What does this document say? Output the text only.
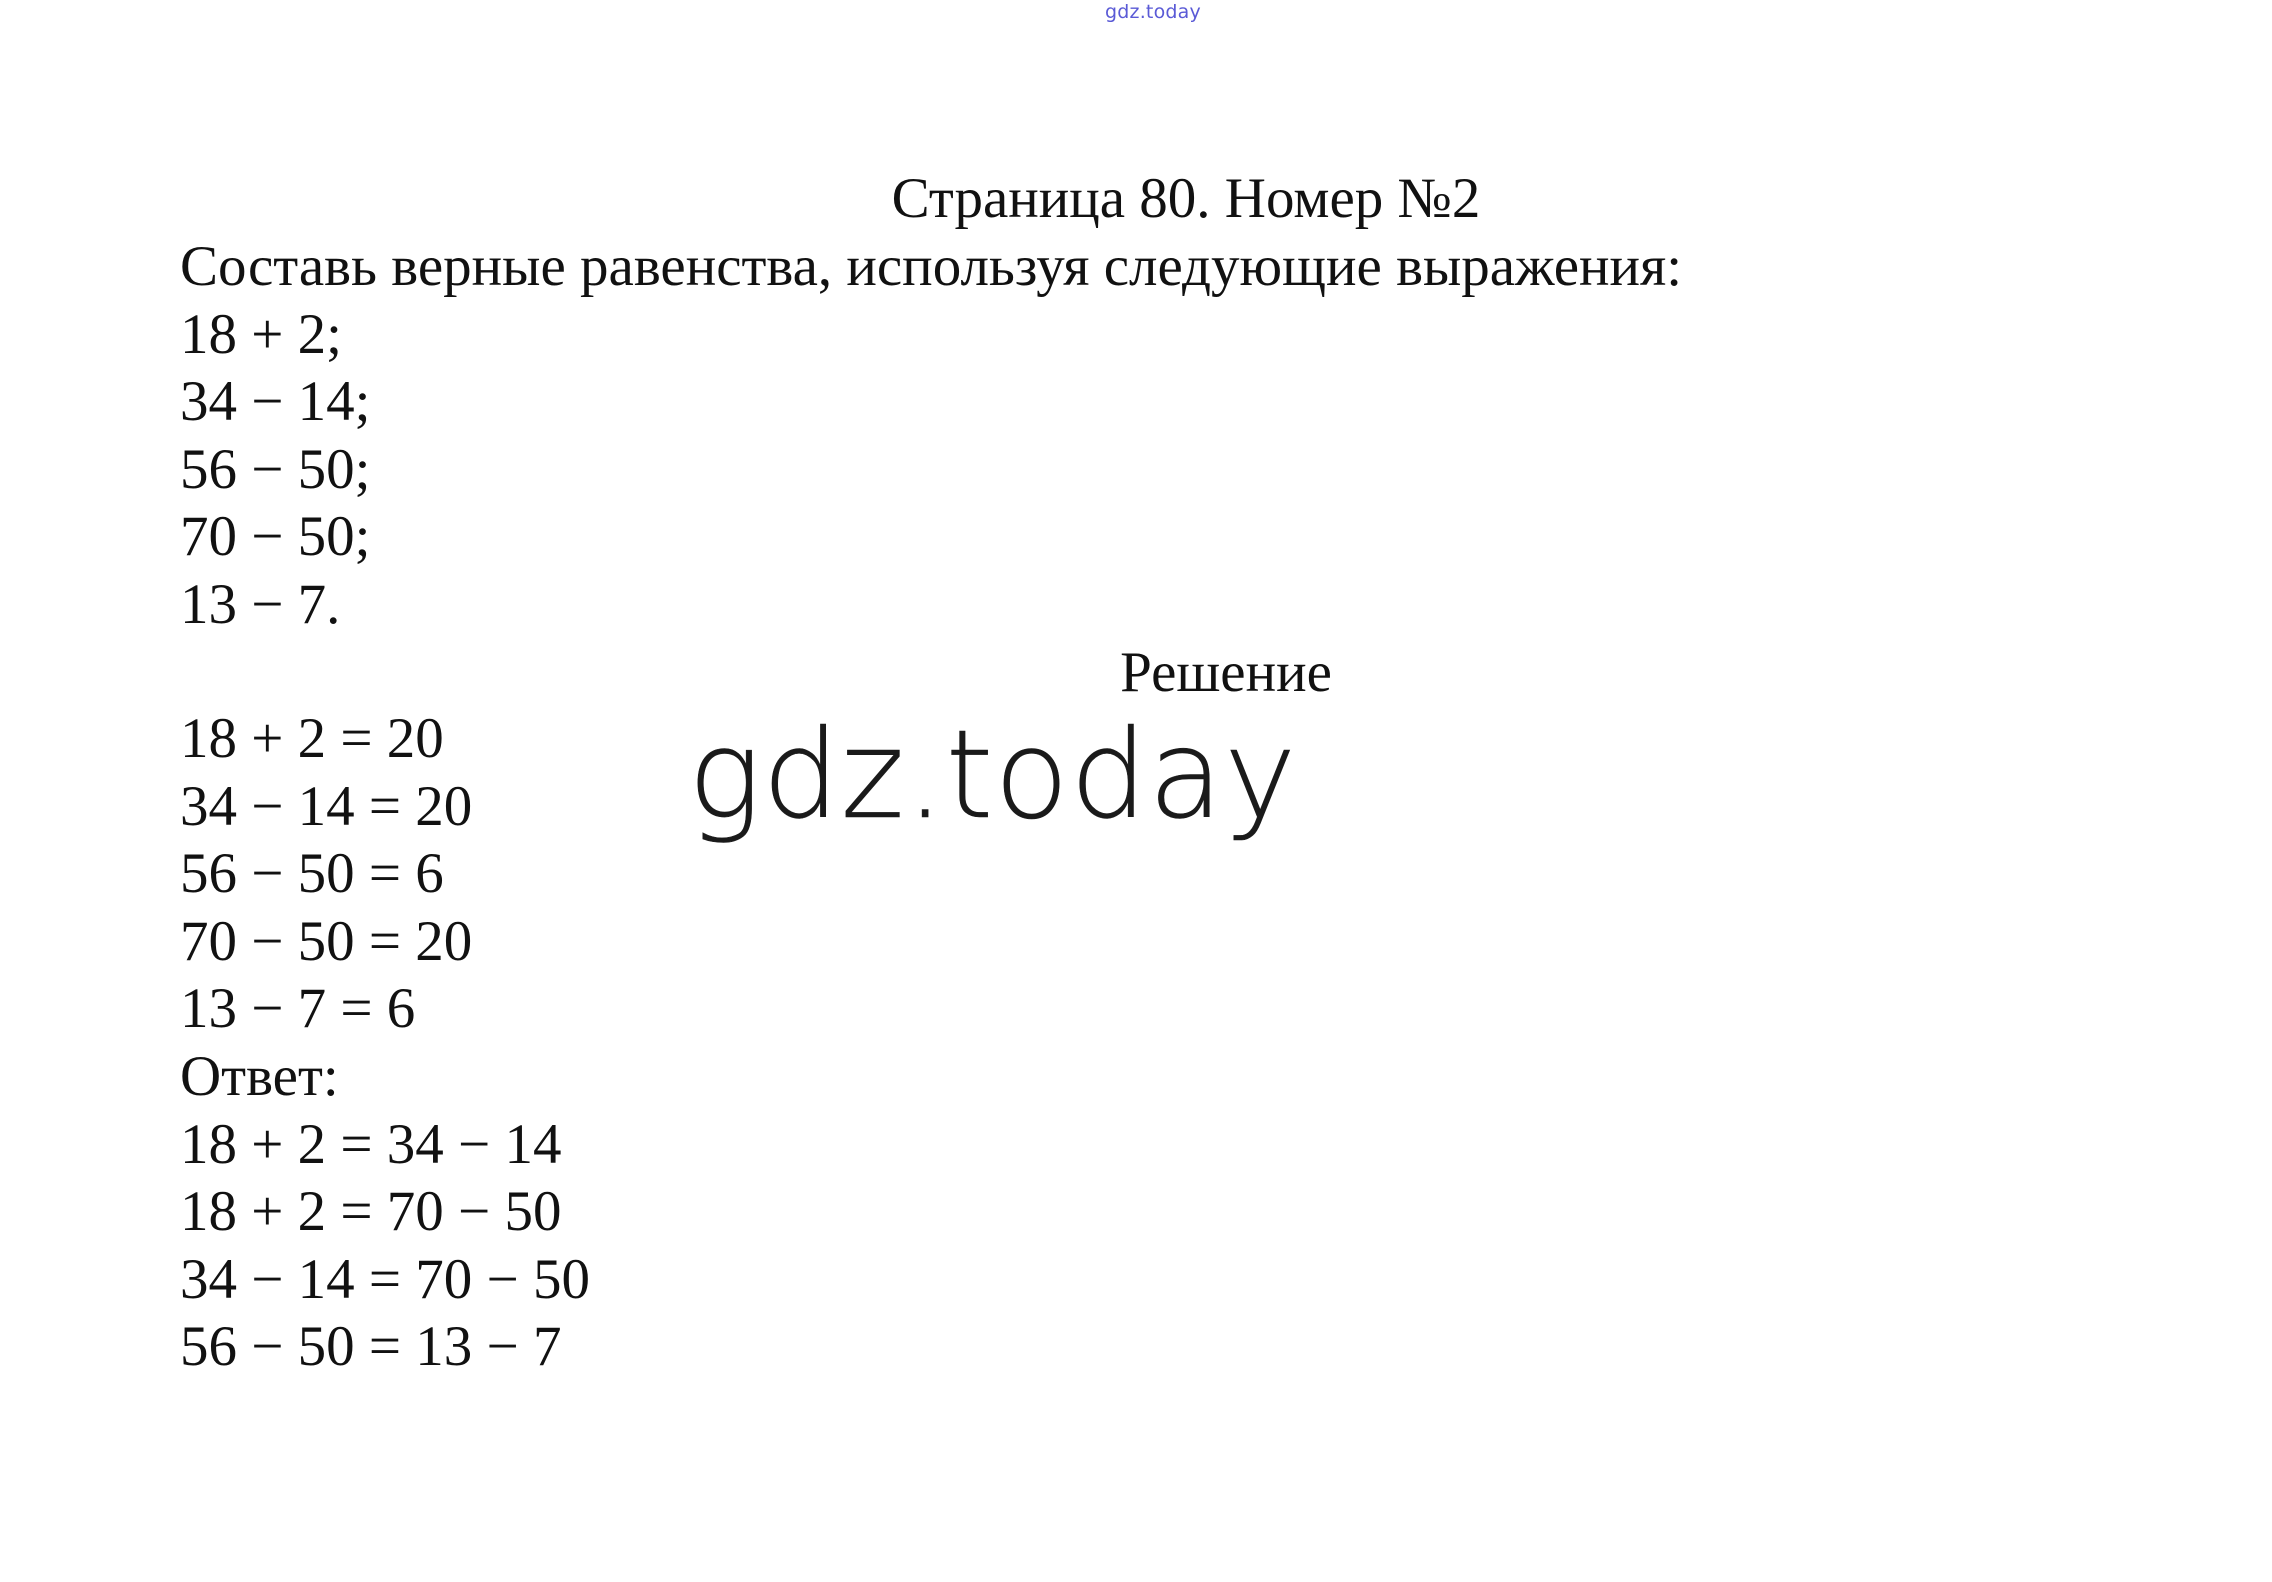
gdz.today
Страница 80. Номер №2
Составь верные равенства, используя следующие выражения:
18 + 2;
34 − 14;
56 − 50;
70 − 50;
13 − 7.
Решение
18 + 2 = 20
34 − 14 = 20
56 − 50 = 6
70 − 50 = 20
13 − 7 = 6
Ответ:
18 + 2 = 34 − 14
18 + 2 = 70 − 50
34 − 14 = 70 − 50
56 − 50 = 13 − 7
gdz.today
